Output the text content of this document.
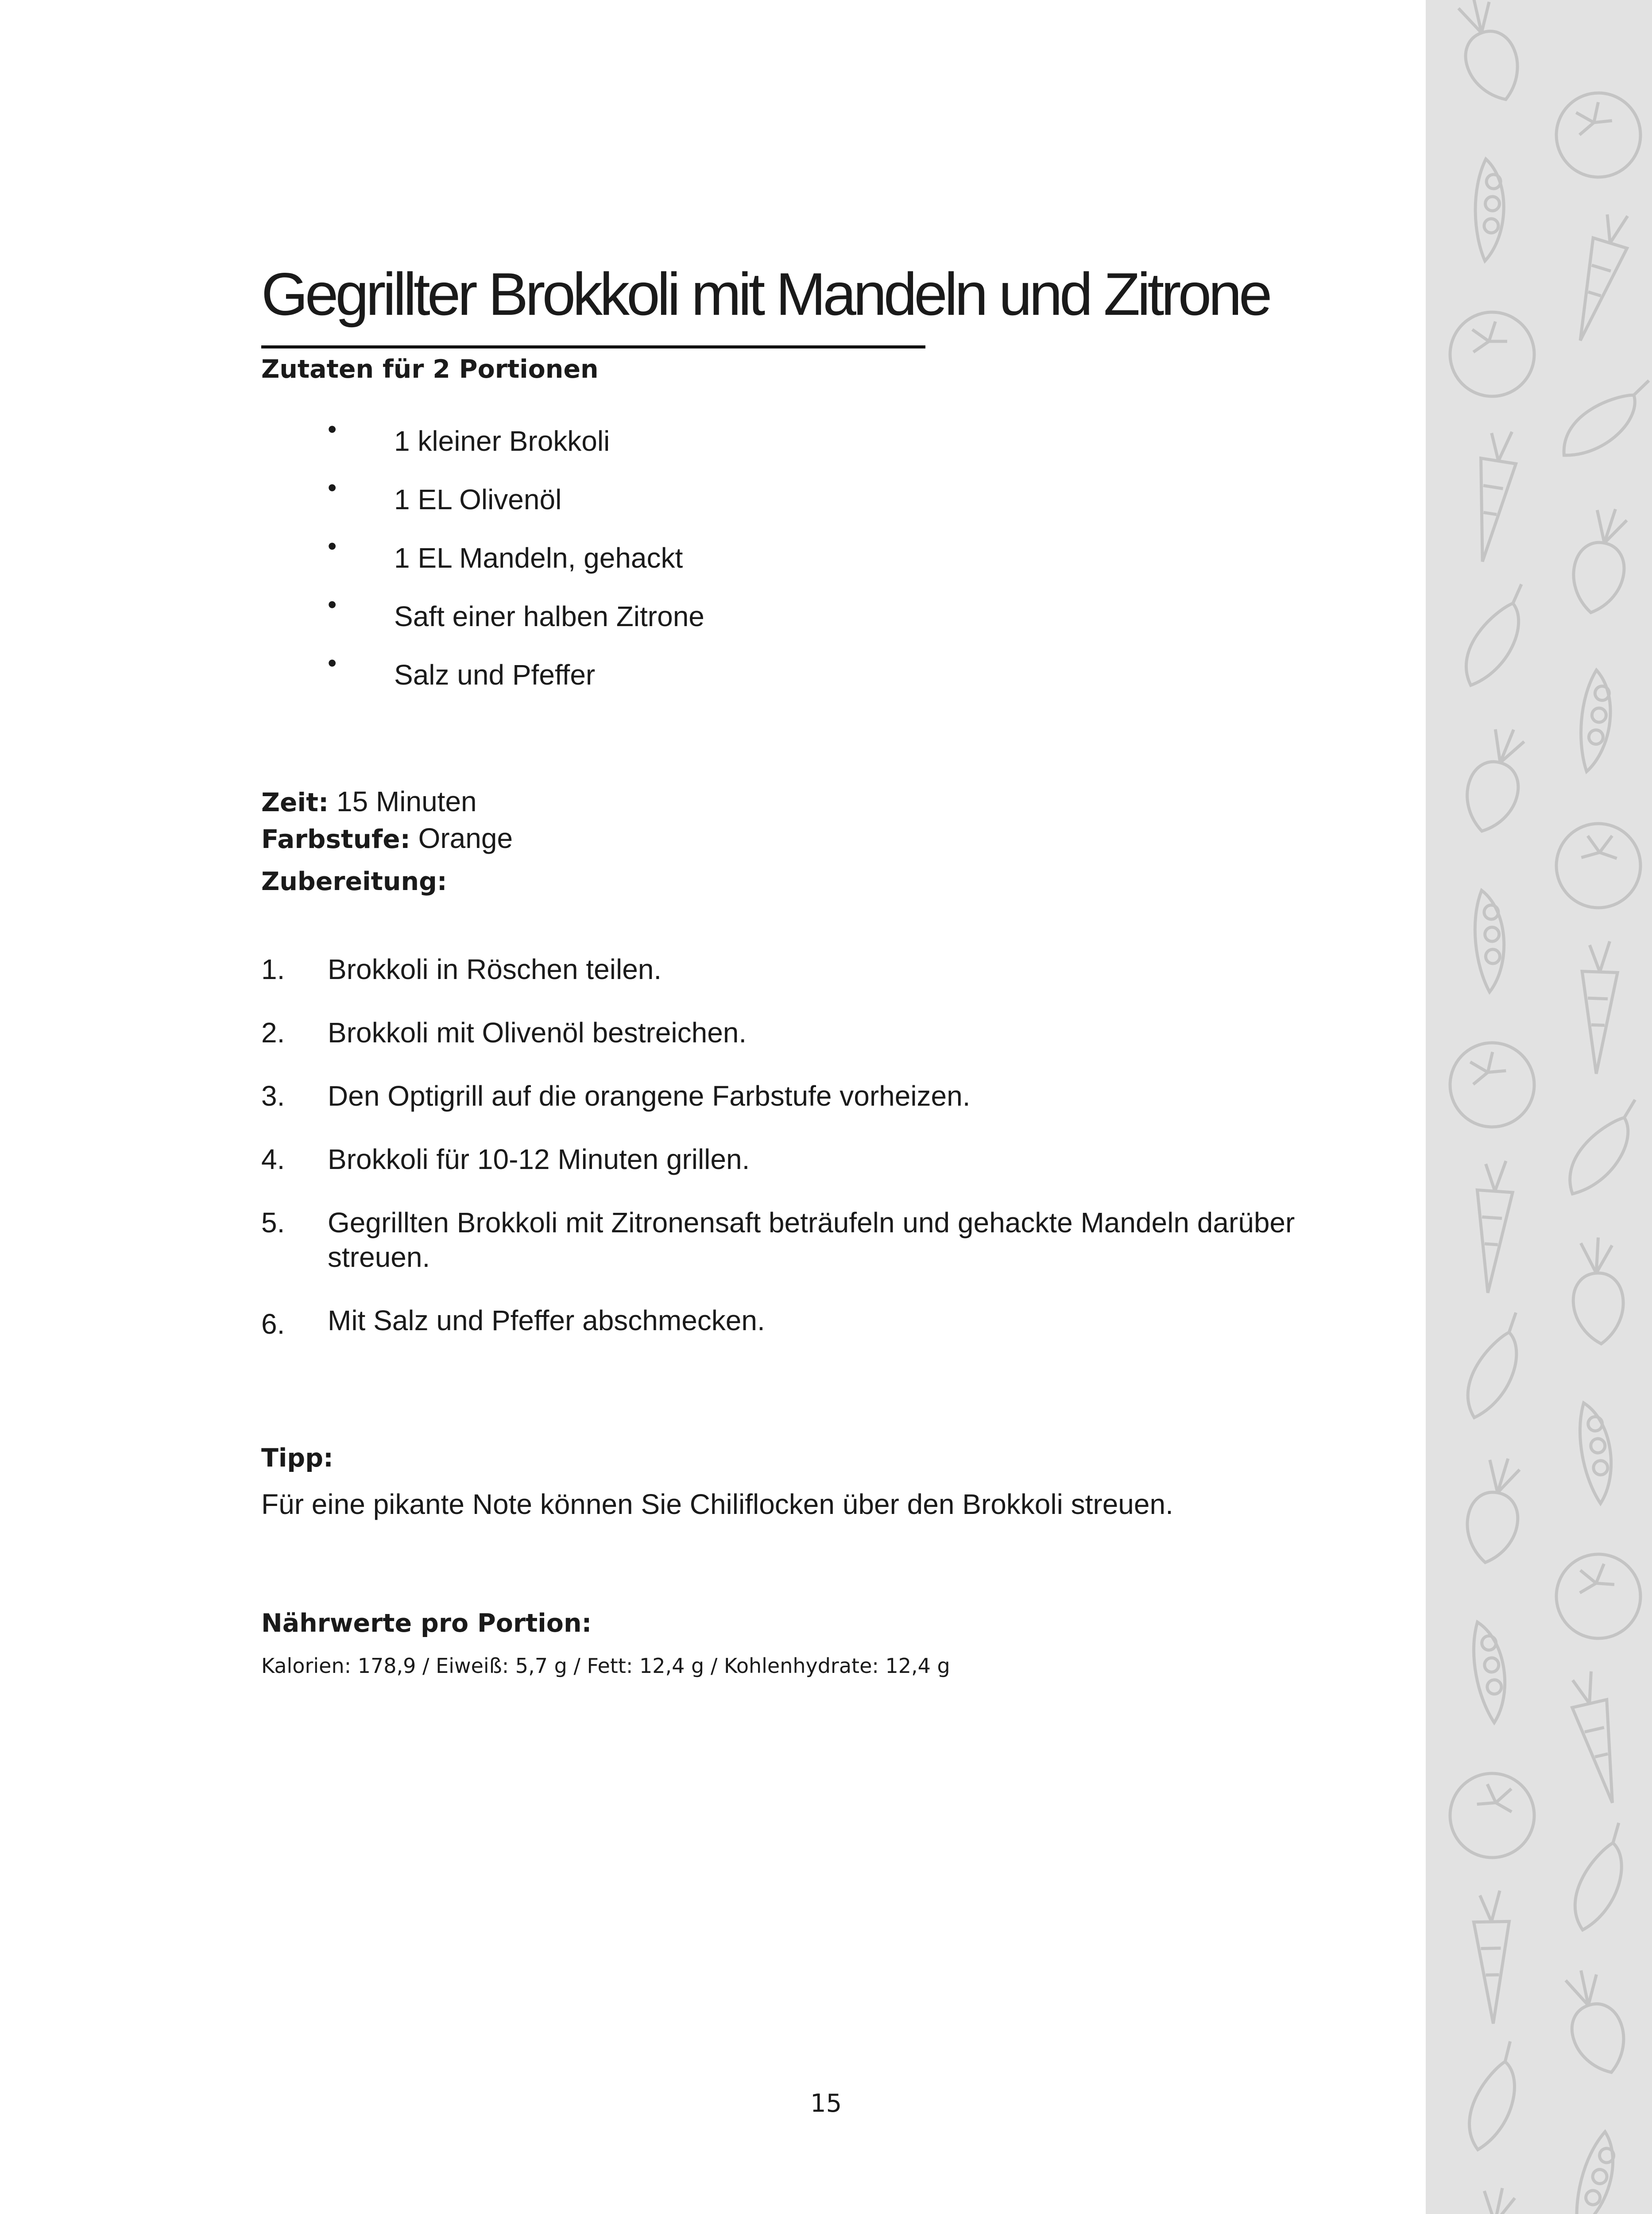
Gegrillter Brokkoli mit Mandeln und Zitrone
Zutaten für 2 Portionen
• 1 kleiner Brokkoli
• 1 EL Olivenöl
• 1 EL Mandeln, gehackt
• Saft einer halben Zitrone
• Salz und Pfeffer
Zeit: 15 Minuten
Farbstufe: Orange
Zubereitung:
1. Brokkoli in Röschen teilen.
2. Brokkoli mit Olivenöl bestreichen.
3. Den Optigrill auf die orangene Farbstufe vorheizen.
4. Brokkoli für 10-12 Minuten grillen.
5. Gegrillten Brokkoli mit Zitronensaft beträufeln und gehackte Mandeln darüber streuen.
6. Mit Salz und Pfeffer abschmecken.
Tipp:
Für eine pikante Note können Sie Chiliflocken über den Brokkoli streuen.
Nährwerte pro Portion:
Kalorien: 178,9 / Eiweiß: 5,7 g / Fett: 12,4 g / Kohlenhydrate: 12,4 g
15
